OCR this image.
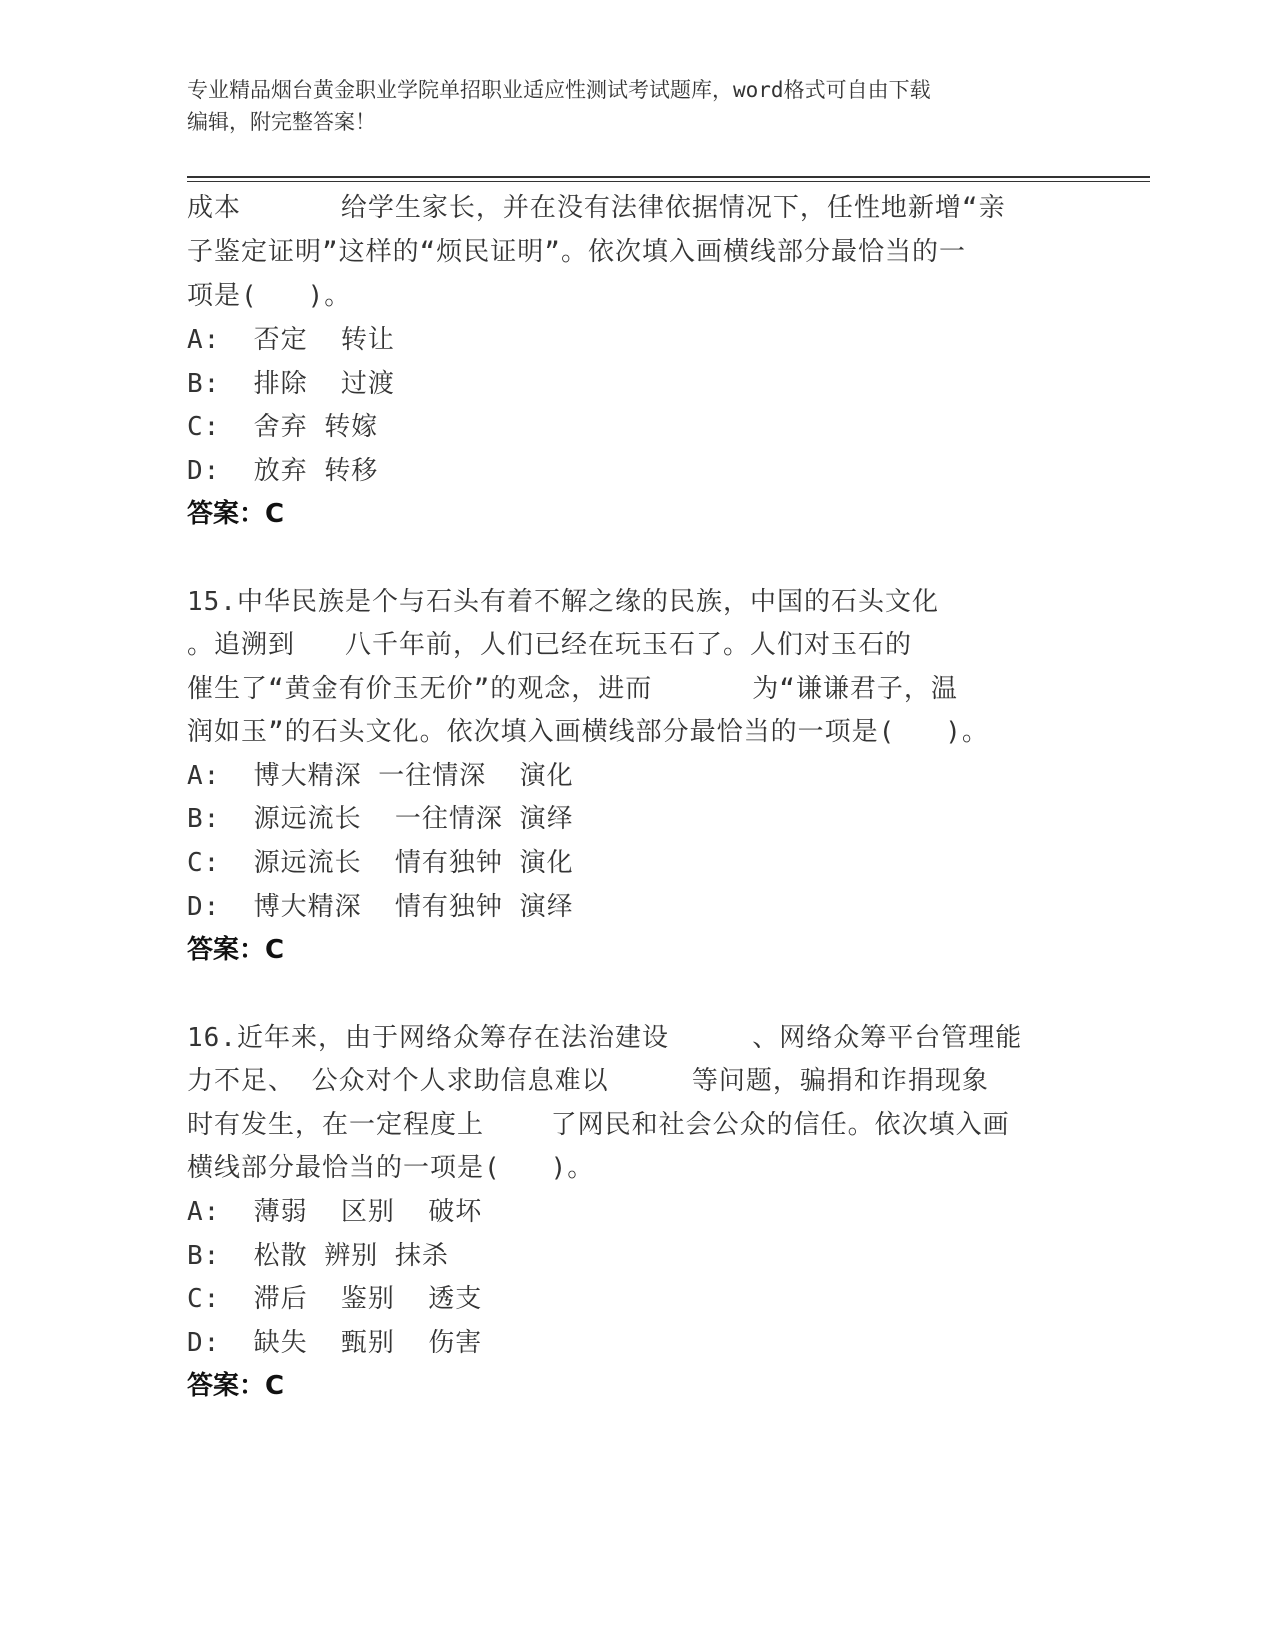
专业精品烟台黄金职业学院单招职业适应性测试考试题库，word格式可自由下载
编辑，附完整答案！
成本      给学生家长，并在没有法律依据情况下，任性地新增“亲
子鉴定证明”这样的“烦民证明”。依次填入画横线部分最恰当的一
项是(   )。
A:  否定  转让
B:  排除  过渡
C:  舍弃 转嫁
D:  放弃 转移
答案：C
15.中华民族是个与石头有着不解之缘的民族，中国的石头文化
。追溯到   八千年前，人们已经在玩玉石了。人们对玉石的
催生了“黄金有价玉无价”的观念，进而      为“谦谦君子，温
润如玉”的石头文化。依次填入画横线部分最恰当的一项是(   )。
A:  博大精深 一往情深  演化
B:  源远流长  一往情深 演绎
C:  源远流长  情有独钟 演化
D:  博大精深  情有独钟 演绎
答案：C
16.近年来，由于网络众筹存在法治建设     、网络众筹平台管理能
力不足、 公众对个人求助信息难以     等问题，骗捐和诈捐现象
时有发生，在一定程度上    了网民和社会公众的信任。依次填入画
横线部分最恰当的一项是(   )。
A:  薄弱  区别  破坏
B:  松散 辨别 抹杀
C:  滞后  鉴别  透支
D:  缺失  甄别  伤害
答案：C
